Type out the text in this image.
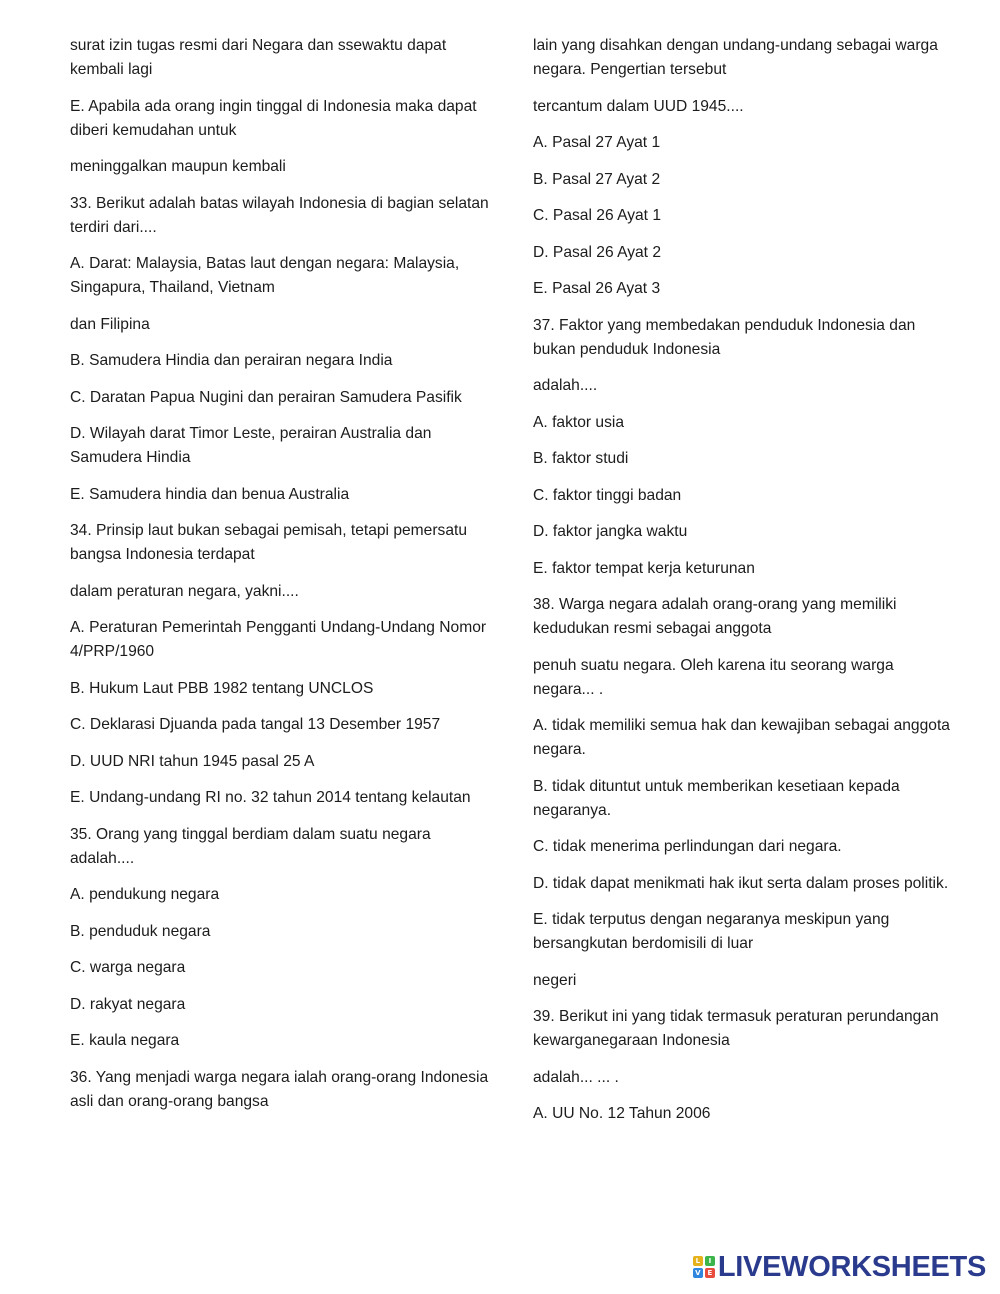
surat izin tugas resmi dari Negara dan ssewaktu dapat kembali lagi

E. Apabila ada orang ingin tinggal di Indonesia maka dapat diberi kemudahan untuk

meninggalkan maupun kembali

33. Berikut adalah batas wilayah Indonesia di bagian selatan terdiri dari....

A. Darat: Malaysia, Batas laut dengan negara: Malaysia, Singapura, Thailand, Vietnam

dan Filipina

B. Samudera Hindia dan perairan negara India

C. Daratan Papua Nugini dan perairan Samudera Pasifik

D. Wilayah darat Timor Leste, perairan Australia dan Samudera Hindia

E. Samudera hindia dan benua Australia

34. Prinsip laut bukan sebagai pemisah, tetapi pemersatu bangsa Indonesia terdapat

dalam peraturan negara, yakni....

A. Peraturan Pemerintah Pengganti Undang-Undang Nomor 4/PRP/1960

B. Hukum Laut PBB 1982 tentang UNCLOS

C. Deklarasi Djuanda pada tangal 13 Desember 1957

D. UUD NRI tahun 1945 pasal 25 A

E. Undang-undang RI no. 32 tahun 2014 tentang kelautan

35. Orang yang tinggal berdiam dalam suatu negara adalah....

A. pendukung negara

B. penduduk negara

C. warga negara

D. rakyat negara

E. kaula negara

36. Yang menjadi warga negara ialah orang-orang Indonesia asli dan orang-orang bangsa

lain yang disahkan dengan undang-undang sebagai warga negara. Pengertian tersebut

tercantum dalam UUD 1945....

A. Pasal 27 Ayat 1

B. Pasal 27 Ayat 2

C. Pasal 26 Ayat 1

D. Pasal 26 Ayat 2

E. Pasal 26 Ayat 3

37. Faktor yang membedakan penduduk Indonesia dan bukan penduduk Indonesia

adalah....

A. faktor usia

B. faktor studi

C. faktor tinggi badan

D. faktor jangka waktu

E. faktor tempat kerja keturunan

38. Warga negara adalah orang-orang yang memiliki kedudukan resmi sebagai anggota

penuh suatu negara. Oleh karena itu seorang warga negara... .

A. tidak memiliki semua hak dan kewajiban sebagai anggota negara.

B. tidak dituntut untuk memberikan kesetiaan kepada negaranya.

C. tidak menerima perlindungan dari negara.

D. tidak dapat menikmati hak ikut serta dalam proses politik.

E. tidak terputus dengan negaranya meskipun yang bersangkutan berdomisili di luar

negeri

39. Berikut ini yang tidak termasuk peraturan perundangan kewarganegaraan Indonesia

adalah... ... .

A. UU No. 12 Tahun 2006

L	I
V E LIVEWORKSHEETS
